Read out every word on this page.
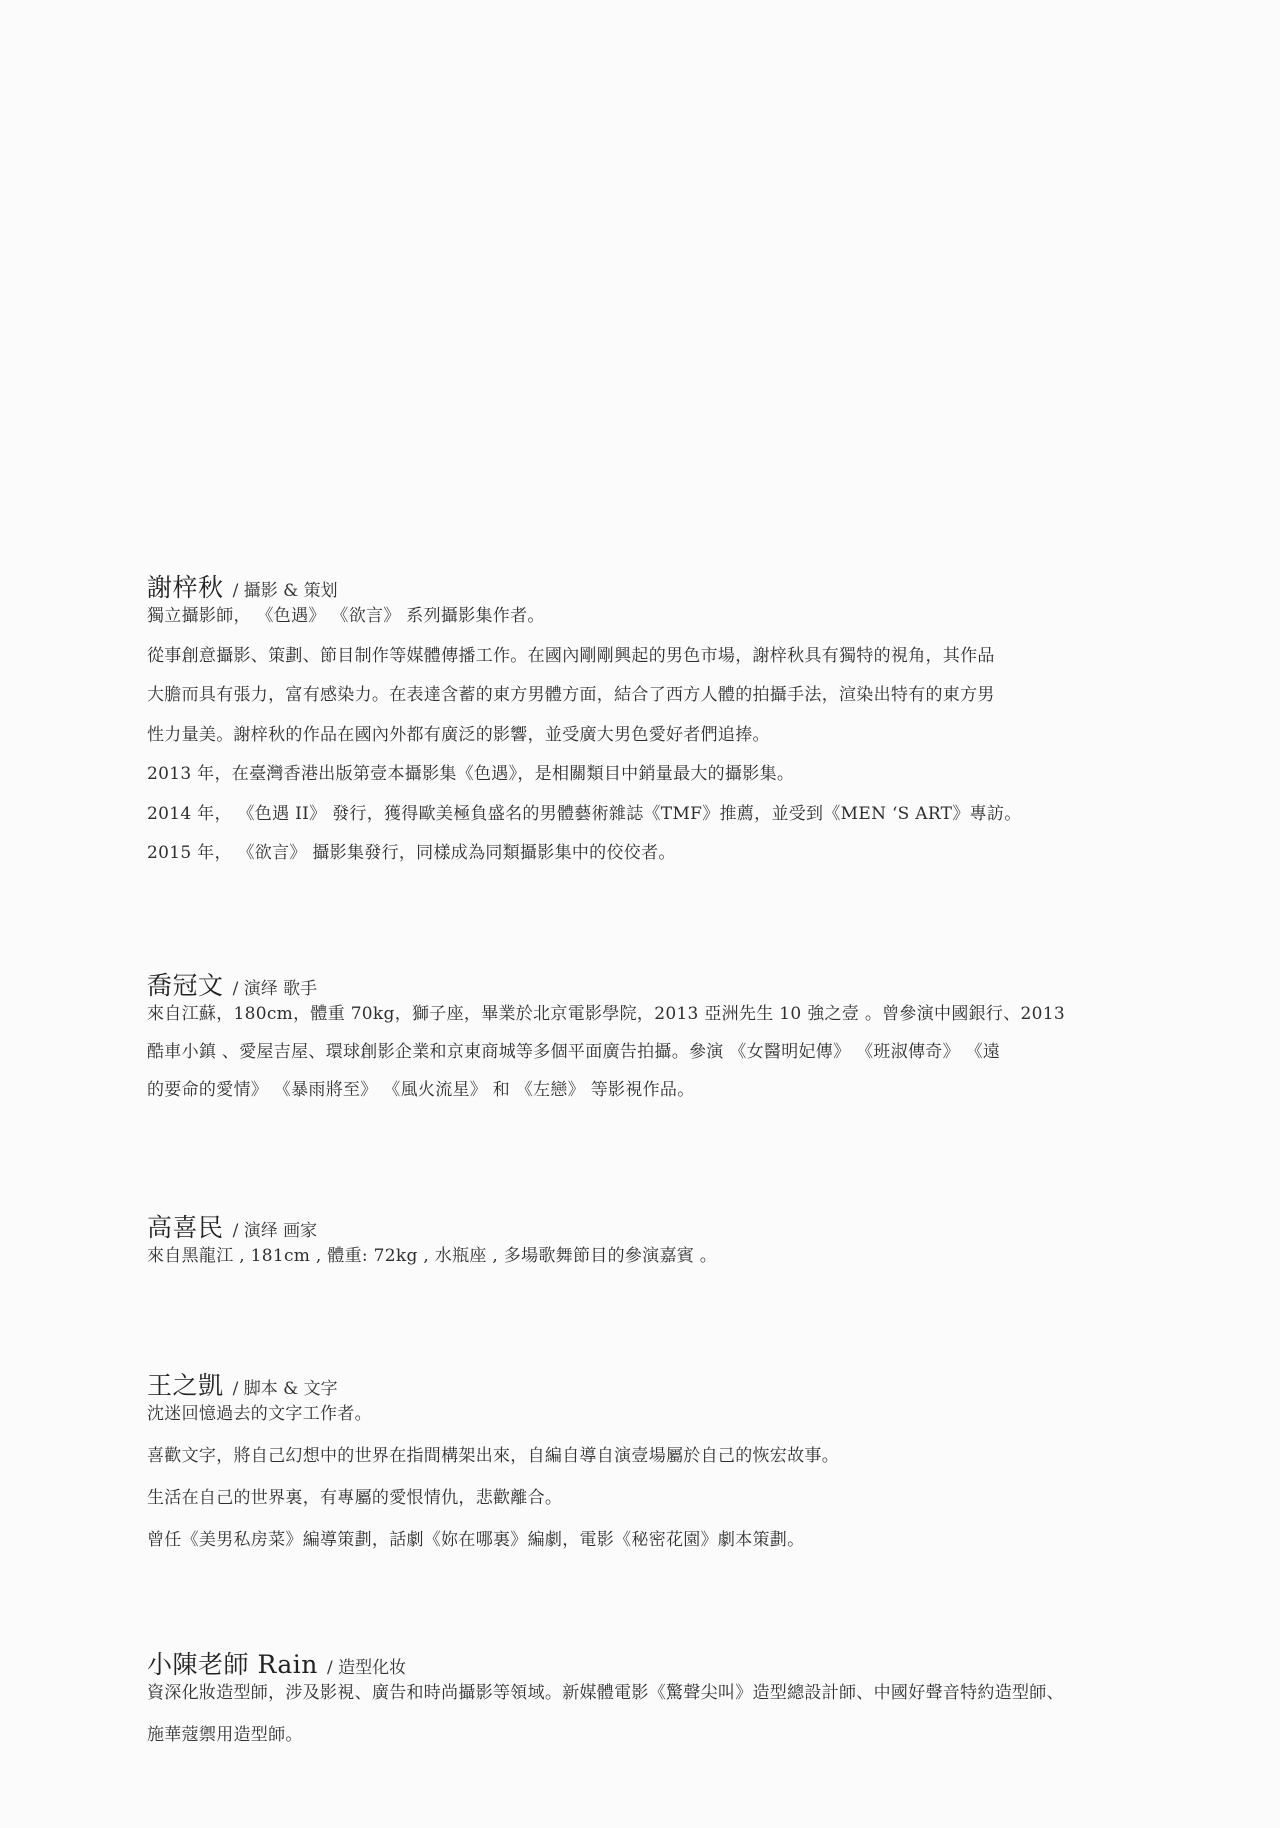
謝梓秋 / 攝影 & 策划
獨立攝影師， 《色遇》 《欲言》 系列攝影集作者。
從事創意攝影、策劃、節目制作等媒體傳播工作。在國內剛剛興起的男色市場，謝梓秋具有獨特的視角，其作品
大膽而具有張力，富有感染力。在表達含蓄的東方男體方面，結合了西方人體的拍攝手法，渲染出特有的東方男
性力量美。謝梓秋的作品在國內外都有廣泛的影響，並受廣大男色愛好者們追捧。
2013 年，在臺灣香港出版第壹本攝影集《色遇》，是相關類目中銷量最大的攝影集。
2014 年， 《色遇 II》 發行，獲得歐美極負盛名的男體藝術雜誌《TMF》推薦，並受到《MEN ‘S ART》專訪。
2015 年， 《欲言》 攝影集發行，同樣成為同類攝影集中的佼佼者。
喬冠文 / 演绎 歌手
來自江蘇，180cm，體重 70kg，獅子座，畢業於北京電影學院，2013 亞洲先生 10 強之壹 。曾參演中國銀行、2013
酷車小鎮 、愛屋吉屋、環球創影企業和京東商城等多個平面廣告拍攝。參演 《女醫明妃傳》 《班淑傳奇》 《遠
的要命的愛情》 《暴雨將至》 《風火流星》 和 《左戀》 等影視作品。
高喜民 / 演绎 画家
來自黑龍江 , 181cm , 體重: 72kg , 水瓶座 , 多場歌舞節目的參演嘉賓 。
王之凱 / 脚本 & 文字
沈迷回憶過去的文字工作者。
喜歡文字，將自己幻想中的世界在指間構架出來，自編自導自演壹場屬於自己的恢宏故事。
生活在自己的世界裏，有專屬的愛恨情仇，悲歡離合。
曾任《美男私房菜》編導策劃，話劇《妳在哪裏》編劇，電影《秘密花園》劇本策劃。
小陳老師 Rain / 造型化妆
資深化妝造型師，涉及影視、廣告和時尚攝影等領域。新媒體電影《驚聲尖叫》造型總設計師、中國好聲音特約造型師、
施華蔻禦用造型師。
